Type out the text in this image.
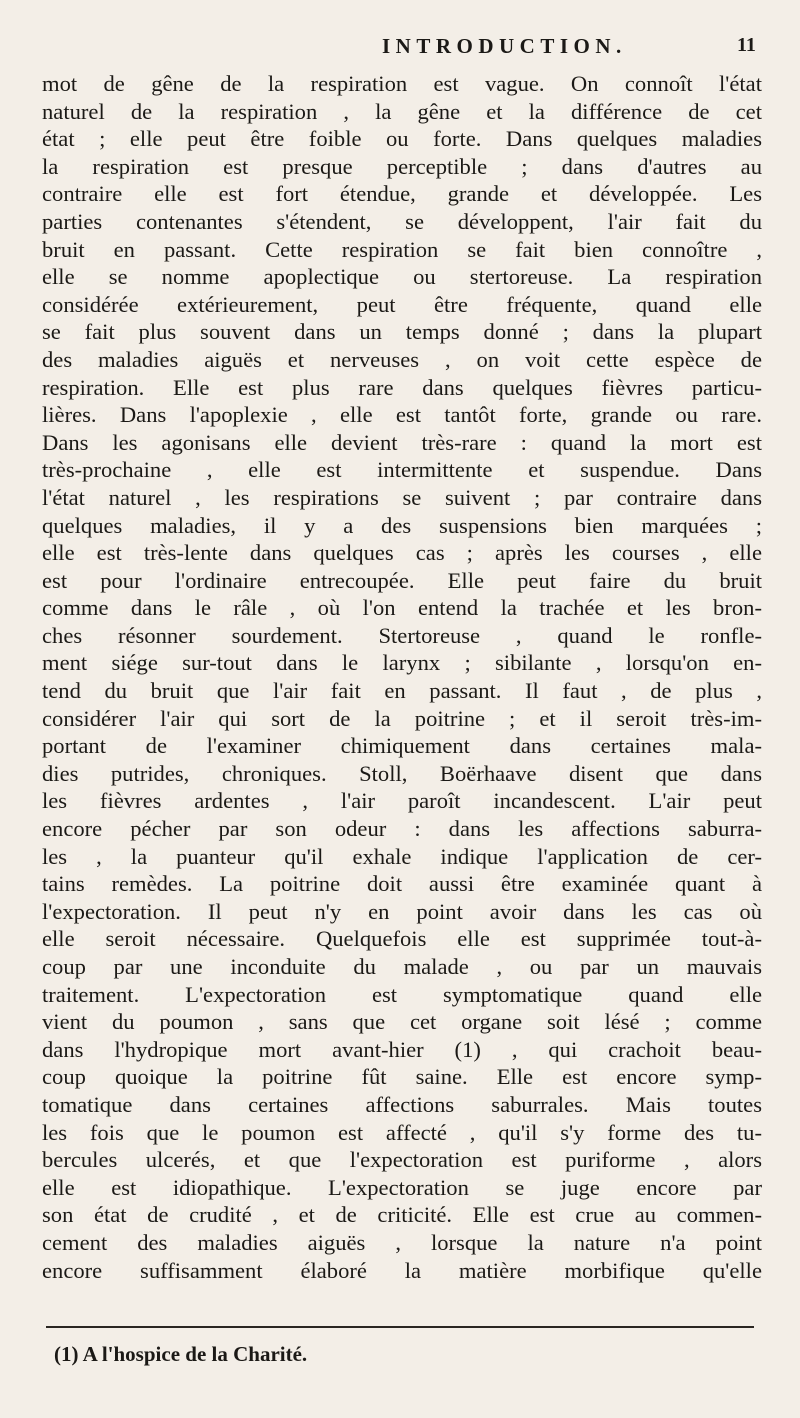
INTRODUCTION.	11
mot de gêne de la respiration est vague. On connoît l'état
naturel de la respiration , la gêne et la différence de cet
état ; elle peut être foible ou forte. Dans quelques maladies
la respiration est presque perceptible ; dans d'autres au
contraire elle est fort étendue, grande et développée. Les
parties contenantes s'étendent, se développent, l'air fait du
bruit en passant. Cette respiration se fait bien connoître ,
elle se nomme apoplectique ou stertoreuse. La respiration
considérée extérieurement, peut être fréquente, quand elle
se fait plus souvent dans un temps donné ; dans la plupart
des maladies aiguës et nerveuses , on voit cette espèce de
respiration. Elle est plus rare dans quelques fièvres particu-
lières. Dans l'apoplexie , elle est tantôt forte, grande ou rare.
Dans les agonisans elle devient très-rare : quand la mort est
très-prochaine , elle est intermittente et suspendue. Dans
l'état naturel , les respirations se suivent ; par contraire dans
quelques maladies, il y a des suspensions bien marquées ;
elle est très-lente dans quelques cas ; après les courses , elle
est pour l'ordinaire entrecoupée. Elle peut faire du bruit
comme dans le râle , où l'on entend la trachée et les bron-
ches résonner sourdement. Stertoreuse , quand le ronfle-
ment siége sur-tout dans le larynx ; sibilante , lorsqu'on en-
tend du bruit que l'air fait en passant. Il faut , de plus ,
considérer l'air qui sort de la poitrine ; et il seroit très-im-
portant de l'examiner chimiquement dans certaines mala-
dies putrides, chroniques. Stoll, Boërhaave disent que dans
les fièvres ardentes , l'air paroît incandescent. L'air peut
encore pécher par son odeur : dans les affections saburra-
les , la puanteur qu'il exhale indique l'application de cer-
tains remèdes. La poitrine doit aussi être examinée quant à
l'expectoration. Il peut n'y en point avoir dans les cas où
elle seroit nécessaire. Quelquefois elle est supprimée tout-à-
coup par une inconduite du malade , ou par un mauvais
traitement. L'expectoration est symptomatique quand elle
vient du poumon , sans que cet organe soit lésé ; comme
dans l'hydropique mort avant-hier (1) , qui crachoit beau-
coup quoique la poitrine fût saine. Elle est encore symp-
tomatique dans certaines affections saburrales. Mais toutes
les fois que le poumon est affecté , qu'il s'y forme des tu-
bercules ulcerés, et que l'expectoration est puriforme , alors
elle est idiopathique. L'expectoration se juge encore par
son état de crudité , et de criticité. Elle est crue au commen-
cement des maladies aiguës , lorsque la nature n'a point
encore suffisamment élaboré la matière morbifique qu'elle
(1) A l'hospice de la Charité.
